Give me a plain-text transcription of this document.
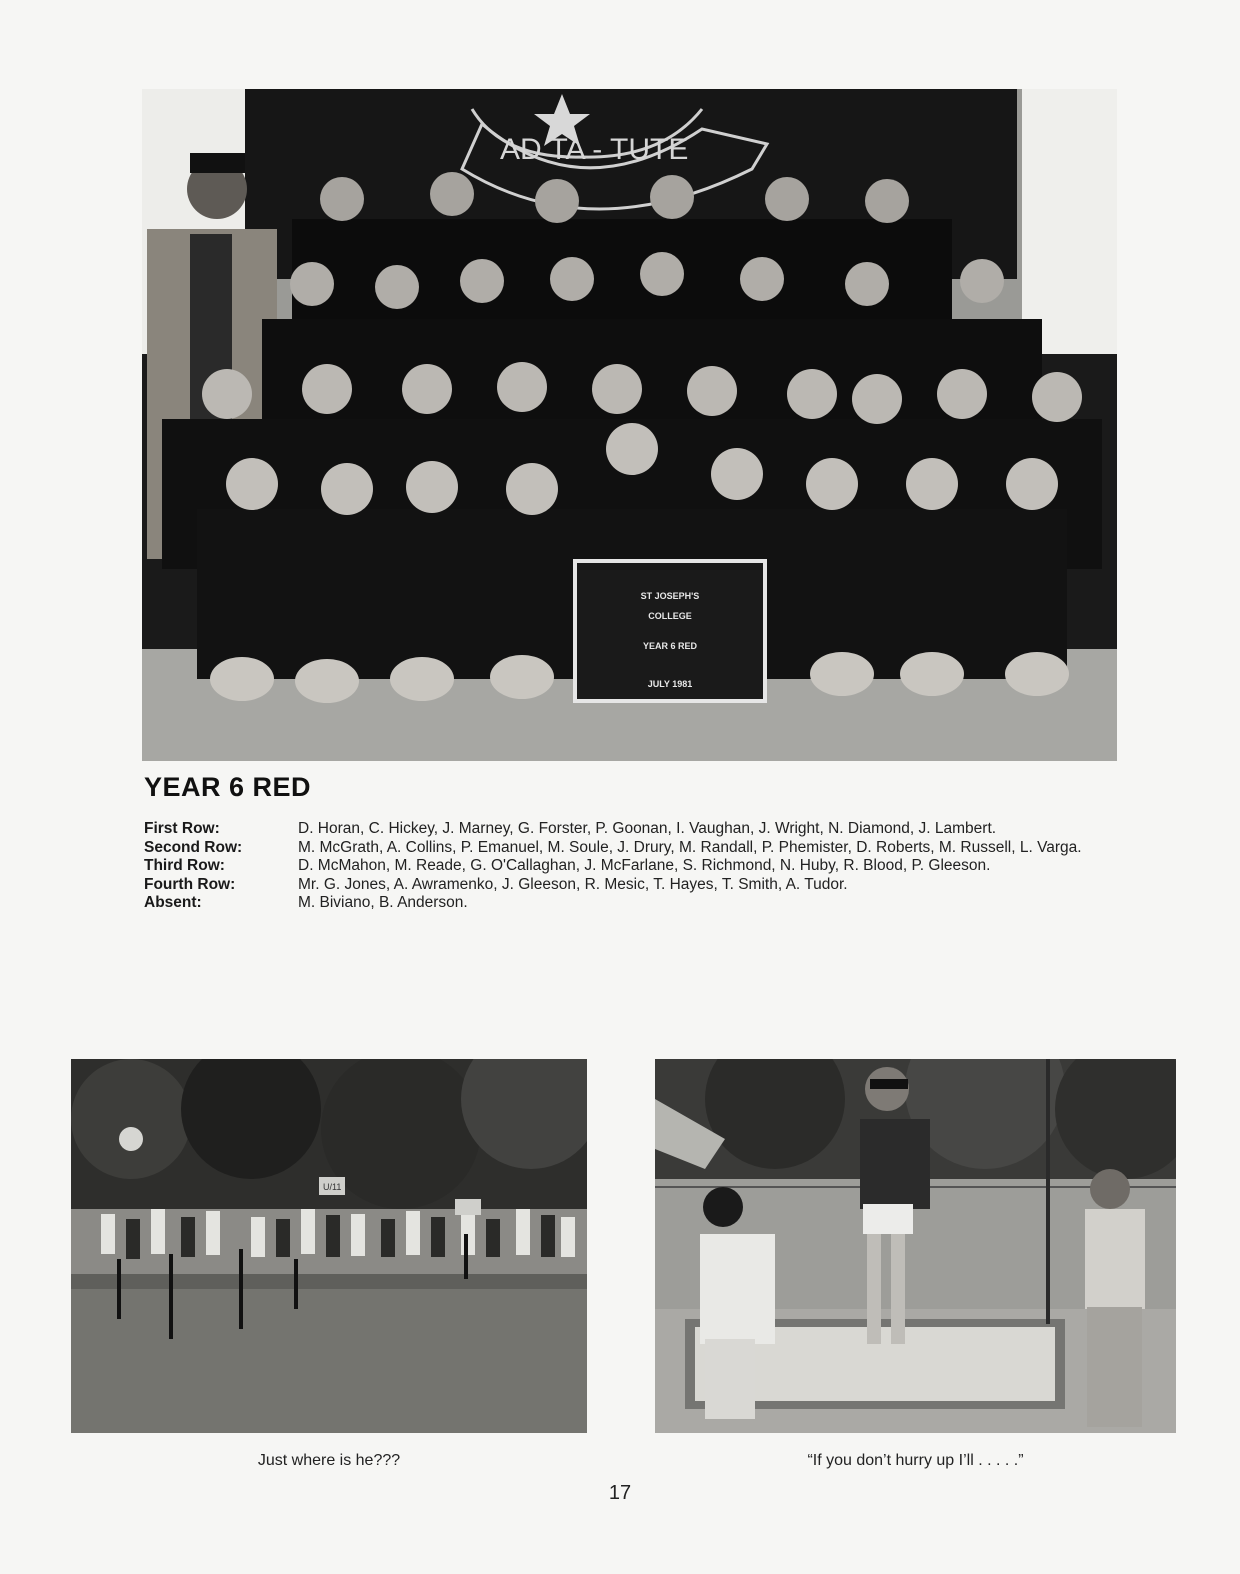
AD TA - TUTE
ST JOSEPH'S
COLLEGE
YEAR 6 RED
JULY 1981
YEAR 6 RED
First Row:	D. Horan, C. Hickey, J. Marney, G. Forster, P. Goonan, I. Vaughan, J. Wright, N. Diamond, J. Lambert.
Second Row:	M. McGrath, A. Collins, P. Emanuel, M. Soule, J. Drury, M. Randall, P. Phemister, D. Roberts, M. Russell, L. Varga.
Third Row:	D. McMahon, M. Reade, G. O'Callaghan, J. McFarlane, S. Richmond, N. Huby, R. Blood, P. Gleeson.
Fourth Row:	Mr. G. Jones, A. Awramenko, J. Gleeson, R. Mesic, T. Hayes, T. Smith, A. Tudor.
Absent:	M. Biviano, B. Anderson.
U/11
Just where is he???	“If you don’t hurry up I’ll . . . . .”
17
